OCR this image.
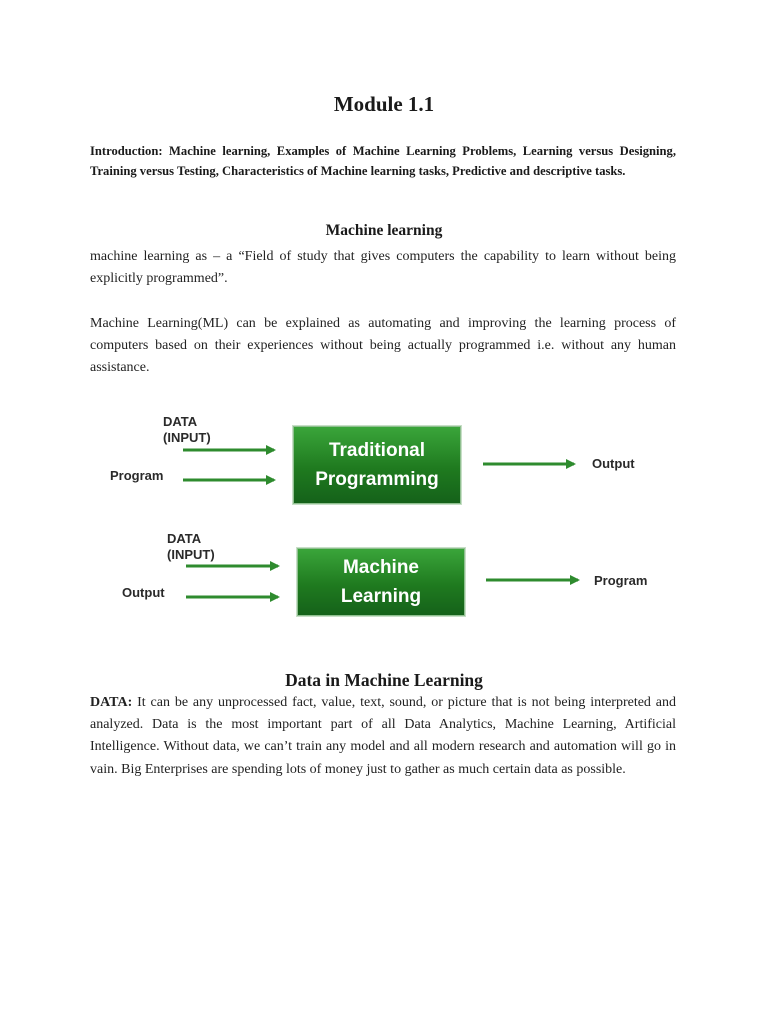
Module 1.1
Introduction: Machine learning, Examples of Machine Learning Problems, Learning versus Designing, Training versus Testing, Characteristics of Machine learning tasks, Predictive and descriptive tasks.
Machine learning
machine learning as – a “Field of study that gives computers the capability to learn without being explicitly programmed”.
Machine Learning(ML) can be explained as automating and improving the learning process of computers based on their experiences without being actually programmed i.e. without any human assistance.
DATA
(INPUT)
Program
Traditional
Programming
Output
DATA
(INPUT)
Output
Machine
Learning
Program
Data in Machine Learning
DATA: It can be any unprocessed fact, value, text, sound, or picture that is not being interpreted and analyzed. Data is the most important part of all Data Analytics, Machine Learning, Artificial Intelligence. Without data, we can’t train any model and all modern research and automation will go in vain. Big Enterprises are spending lots of money just to gather as much certain data as possible.
